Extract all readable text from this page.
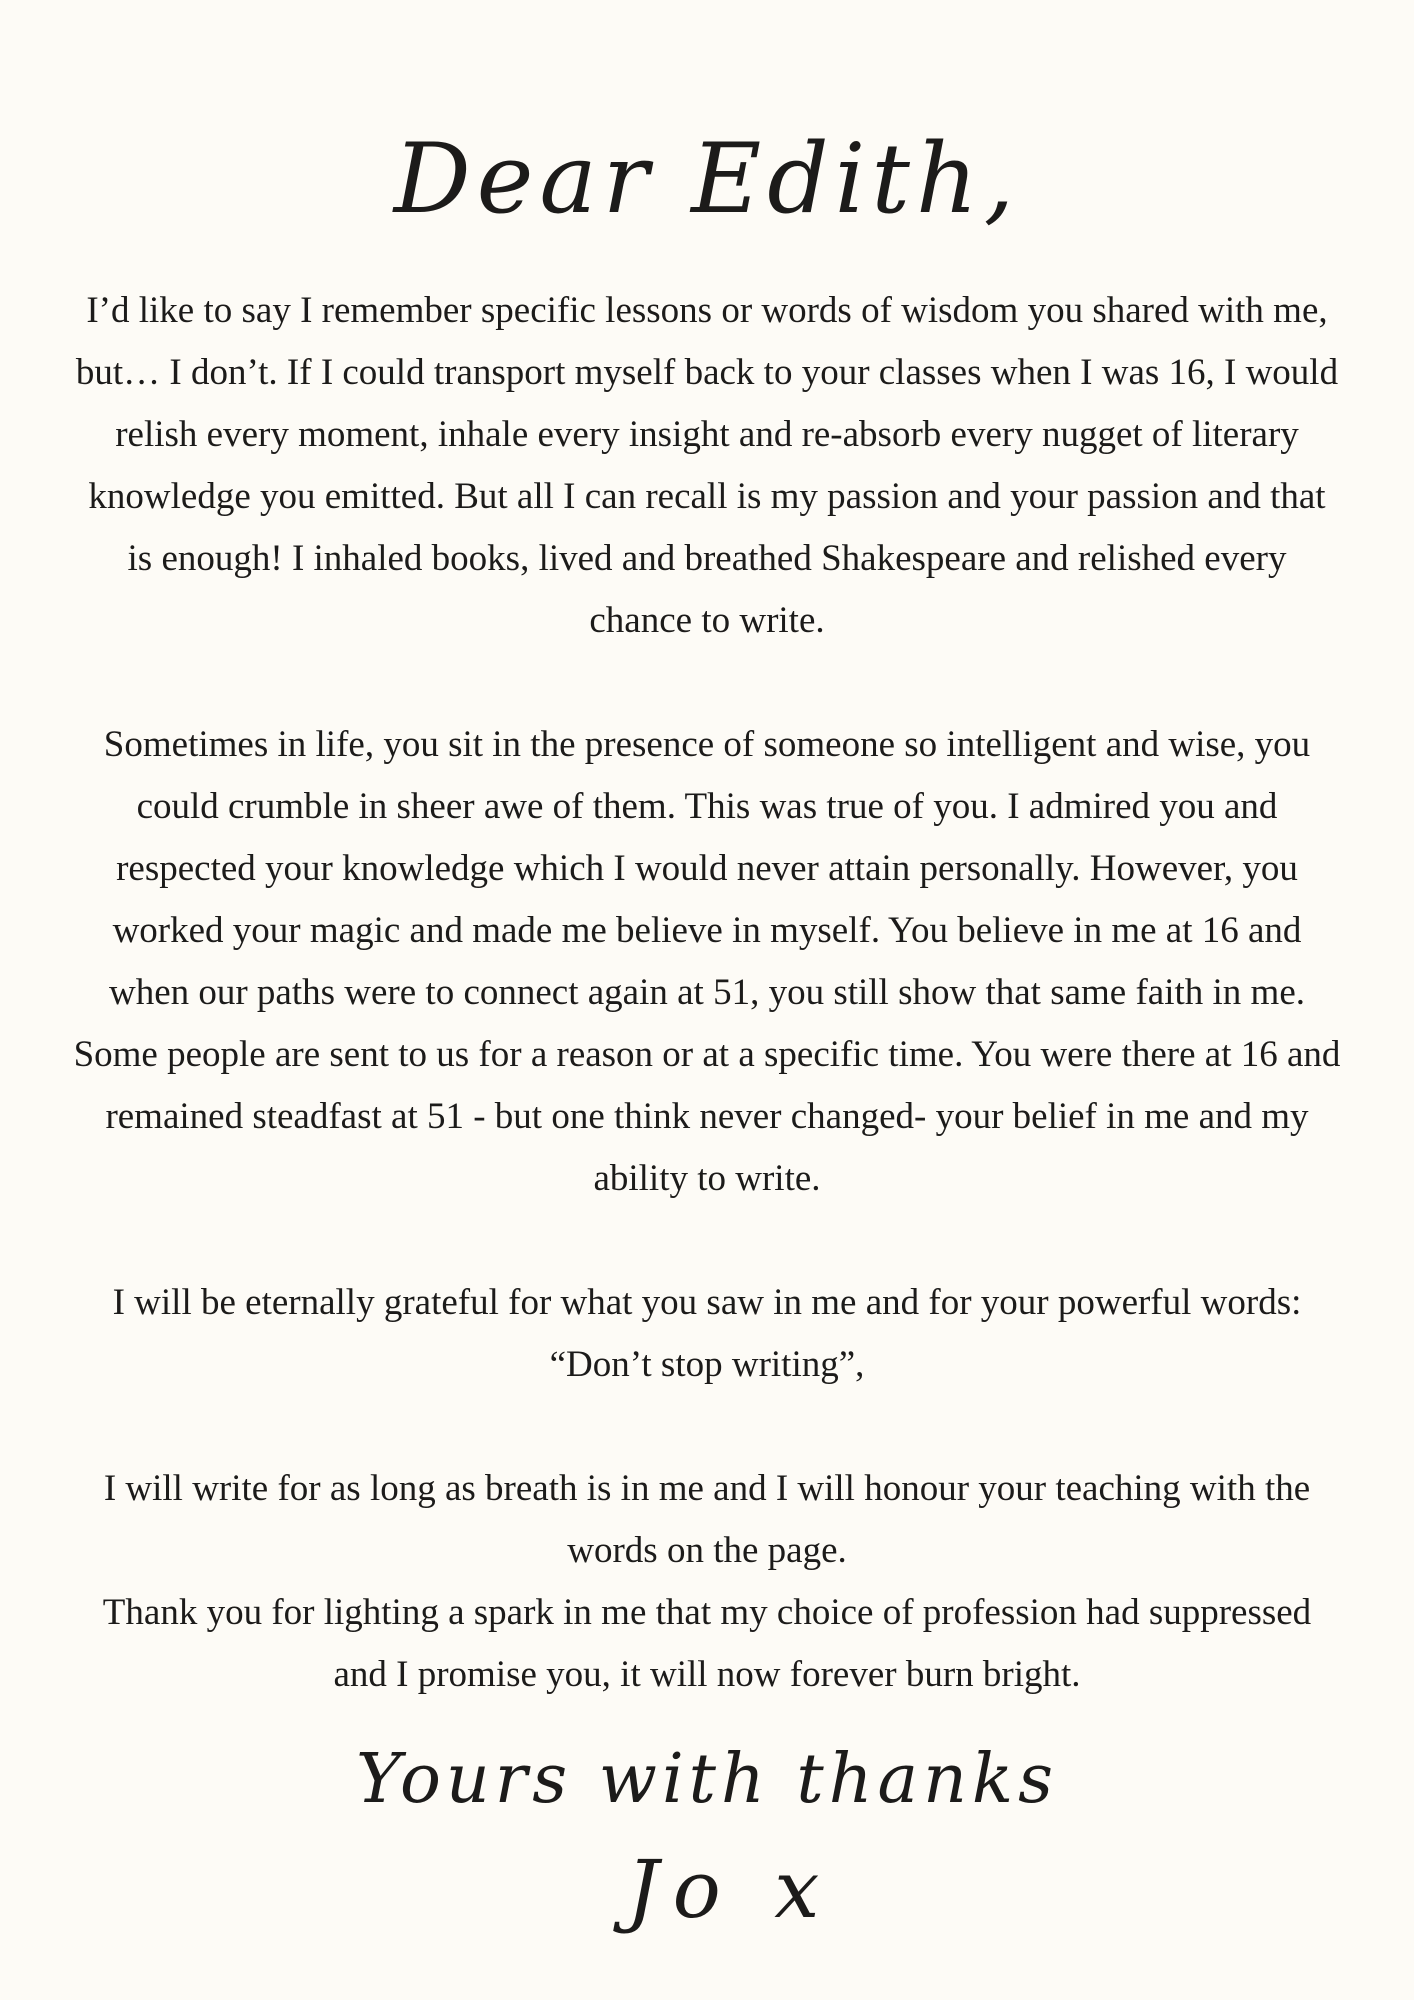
Dear Edith,

I’d like to say I remember specific lessons or words of wisdom you shared with me,
but… I don’t. If I could transport myself back to your classes when I was 16, I would
relish every moment, inhale every insight and re-absorb every nugget of literary
knowledge you emitted. But all I can recall is my passion and your passion and that
is enough! I inhaled books, lived and breathed Shakespeare and relished every
chance to write.

Sometimes in life, you sit in the presence of someone so intelligent and wise, you
could crumble in sheer awe of them. This was true of you. I admired you and
respected your knowledge which I would never attain personally. However, you
worked your magic and made me believe in myself. You believe in me at 16 and
when our paths were to connect again at 51, you still show that same faith in me.
Some people are sent to us for a reason or at a specific time. You were there at 16 and
remained steadfast at 51 - but one think never changed- your belief in me and my
ability to write.

I will be eternally grateful for what you saw in me and for your powerful words:
“Don’t stop writing”,

I will write for as long as breath is in me and I will honour your teaching with the
words on the page.
Thank you for lighting a spark in me that my choice of profession had suppressed
and I promise you, it will now forever burn bright.

Yours with thanks
Jo x
